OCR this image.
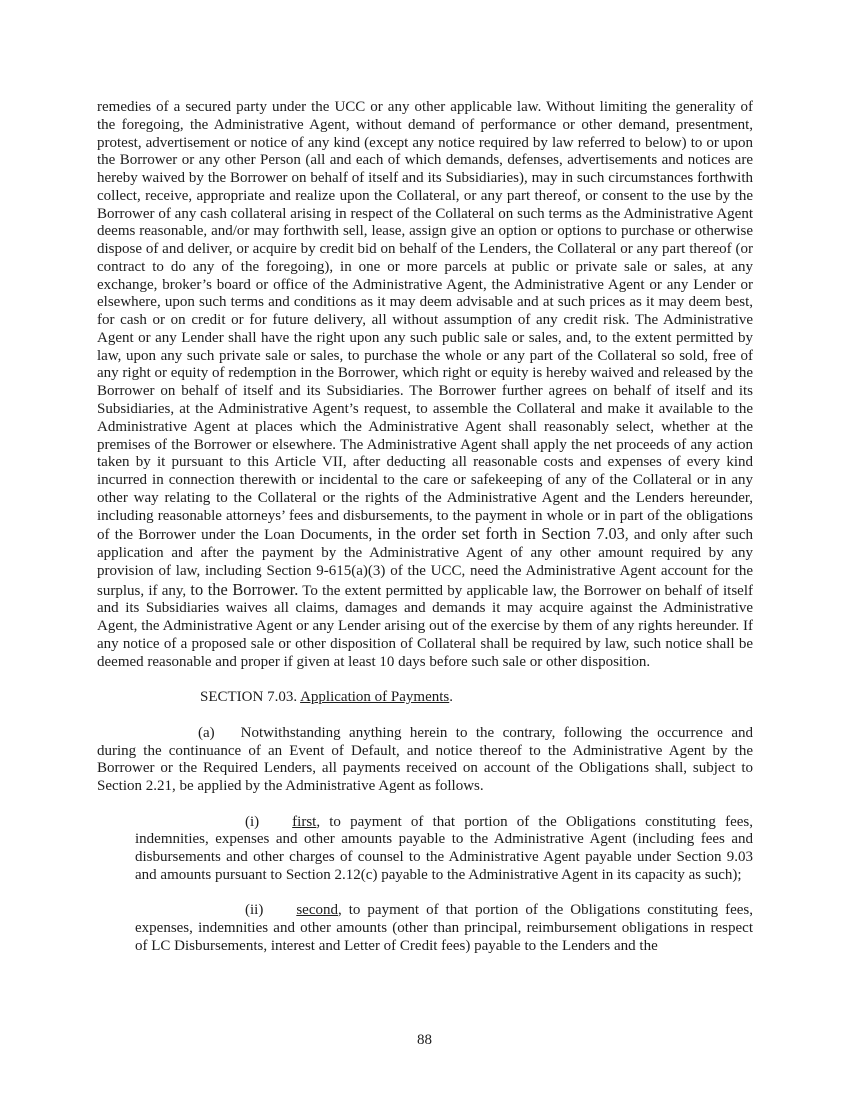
remedies of a secured party under the UCC or any other applicable law. Without limiting the generality of the foregoing, the Administrative Agent, without demand of performance or other demand, presentment, protest, advertisement or notice of any kind (except any notice required by law referred to below) to or upon the Borrower or any other Person (all and each of which demands, defenses, advertisements and notices are hereby waived by the Borrower on behalf of itself and its Subsidiaries), may in such circumstances forthwith collect, receive, appropriate and realize upon the Collateral, or any part thereof, or consent to the use by the Borrower of any cash collateral arising in respect of the Collateral on such terms as the Administrative Agent deems reasonable, and/or may forthwith sell, lease, assign give an option or options to purchase or otherwise dispose of and deliver, or acquire by credit bid on behalf of the Lenders, the Collateral or any part thereof (or contract to do any of the foregoing), in one or more parcels at public or private sale or sales, at any exchange, broker’s board or office of the Administrative Agent, the Administrative Agent or any Lender or elsewhere, upon such terms and conditions as it may deem advisable and at such prices as it may deem best, for cash or on credit or for future delivery, all without assumption of any credit risk. The Administrative Agent or any Lender shall have the right upon any such public sale or sales, and, to the extent permitted by law, upon any such private sale or sales, to purchase the whole or any part of the Collateral so sold, free of any right or equity of redemption in the Borrower, which right or equity is hereby waived and released by the Borrower on behalf of itself and its Subsidiaries. The Borrower further agrees on behalf of itself and its Subsidiaries, at the Administrative Agent’s request, to assemble the Collateral and make it available to the Administrative Agent at places which the Administrative Agent shall reasonably select, whether at the premises of the Borrower or elsewhere. The Administrative Agent shall apply the net proceeds of any action taken by it pursuant to this Article VII, after deducting all reasonable costs and expenses of every kind incurred in connection therewith or incidental to the care or safekeeping of any of the Collateral or in any other way relating to the Collateral or the rights of the Administrative Agent and the Lenders hereunder, including reasonable attorneys’ fees and disbursements, to the payment in whole or in part of the obligations of the Borrower under the Loan Documents, in the order set forth in Section 7.03, and only after such application and after the payment by the Administrative Agent of any other amount required by any provision of law, including Section 9-615(a)(3) of the UCC, need the Administrative Agent account for the surplus, if any, to the Borrower. To the extent permitted by applicable law, the Borrower on behalf of itself and its Subsidiaries waives all claims, damages and demands it may acquire against the Administrative Agent, the Administrative Agent or any Lender arising out of the exercise by them of any rights hereunder. If any notice of a proposed sale or other disposition of Collateral shall be required by law, such notice shall be deemed reasonable and proper if given at least 10 days before such sale or other disposition.

SECTION 7.03. Application of Payments.

(a) Notwithstanding anything herein to the contrary, following the occurrence and during the continuance of an Event of Default, and notice thereof to the Administrative Agent by the Borrower or the Required Lenders, all payments received on account of the Obligations shall, subject to Section 2.21, be applied by the Administrative Agent as follows.

(i) first, to payment of that portion of the Obligations constituting fees, indemnities, expenses and other amounts payable to the Administrative Agent (including fees and disbursements and other charges of counsel to the Administrative Agent payable under Section 9.03 and amounts pursuant to Section 2.12(c) payable to the Administrative Agent in its capacity as such);

(ii) second, to payment of that portion of the Obligations constituting fees, expenses, indemnities and other amounts (other than principal, reimbursement obligations in respect of LC Disbursements, interest and Letter of Credit fees) payable to the Lenders and the

88
